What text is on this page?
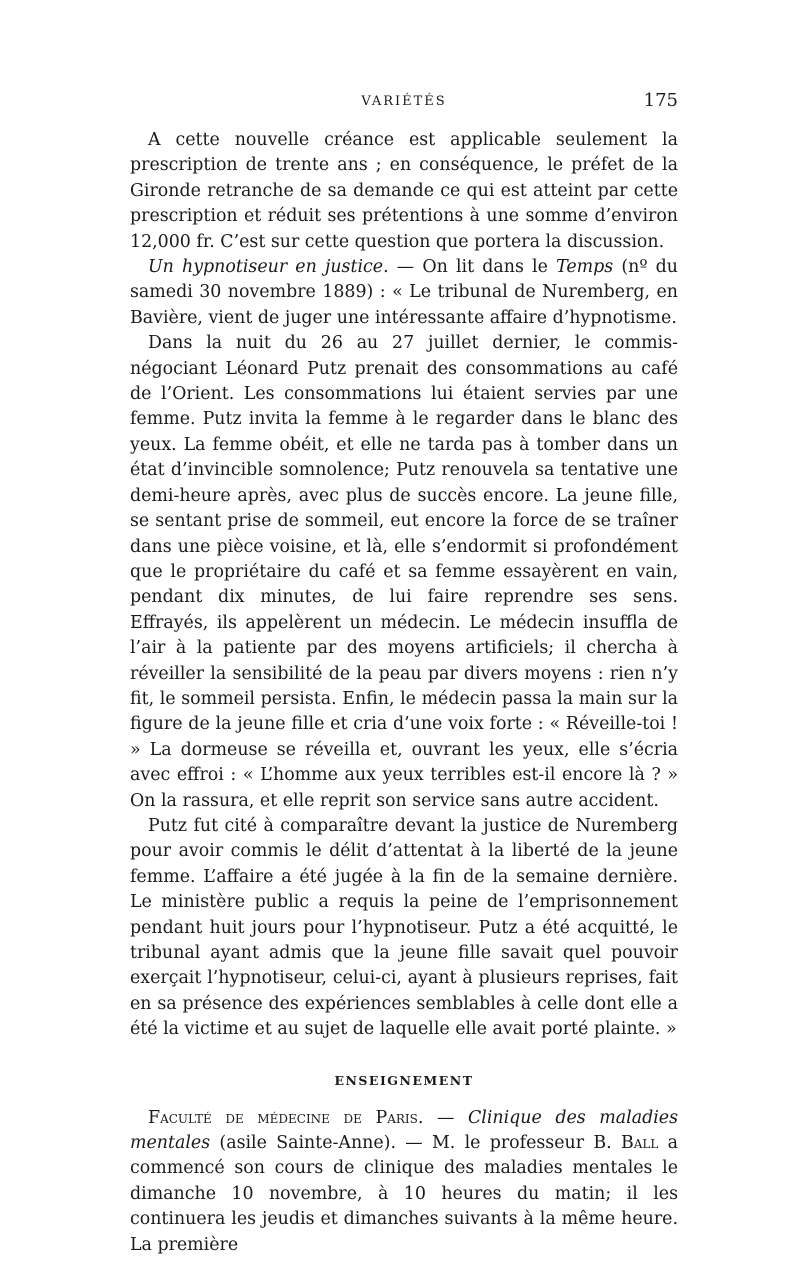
VARIÉTÉS	175

A cette nouvelle créance est applicable seulement la prescription de trente ans ; en conséquence, le préfet de la Gironde retranche de sa demande ce qui est atteint par cette prescription et réduit ses prétentions à une somme d’environ 12,000 fr. C’est sur cette question que portera la discussion.

Un hypnotiseur en justice. — On lit dans le Temps (nº du samedi 30 novembre 1889) : « Le tribunal de Nuremberg, en Bavière, vient de juger une intéressante affaire d’hypnotisme.

Dans la nuit du 26 au 27 juillet dernier, le commis-négociant Léonard Putz prenait des consommations au café de l’Orient. Les consommations lui étaient servies par une femme. Putz invita la femme à le regarder dans le blanc des yeux. La femme obéit, et elle ne tarda pas à tomber dans un état d’invincible somnolence; Putz renouvela sa tentative une demi-heure après, avec plus de succès encore. La jeune fille, se sentant prise de sommeil, eut encore la force de se traîner dans une pièce voisine, et là, elle s’endormit si profondément que le propriétaire du café et sa femme essayèrent en vain, pendant dix minutes, de lui faire reprendre ses sens. Effrayés, ils appelèrent un médecin. Le médecin insuffla de l’air à la patiente par des moyens artificiels; il chercha à réveiller la sensibilité de la peau par divers moyens : rien n’y fit, le sommeil persista. Enfin, le médecin passa la main sur la figure de la jeune fille et cria d’une voix forte : « Réveille-toi ! » La dormeuse se réveilla et, ouvrant les yeux, elle s’écria avec effroi : « L’homme aux yeux terribles est-il encore là ? » On la rassura, et elle reprit son service sans autre accident.

Putz fut cité à comparaître devant la justice de Nuremberg pour avoir commis le délit d’attentat à la liberté de la jeune femme. L’affaire a été jugée à la fin de la semaine dernière. Le ministère public a requis la peine de l’emprisonnement pendant huit jours pour l’hypnotiseur. Putz a été acquitté, le tribunal ayant admis que la jeune fille savait quel pouvoir exerçait l’hypnotiseur, celui-ci, ayant à plusieurs reprises, fait en sa présence des expériences semblables à celle dont elle a été la victime et au sujet de laquelle elle avait porté plainte. »

ENSEIGNEMENT

Faculté de médecine de Paris. — Clinique des maladies mentales (asile Sainte-Anne). — M. le professeur B. Ball a commencé son cours de clinique des maladies mentales le dimanche 10 novembre, à 10 heures du matin; il les continuera les jeudis et dimanches suivants à la même heure. La première
